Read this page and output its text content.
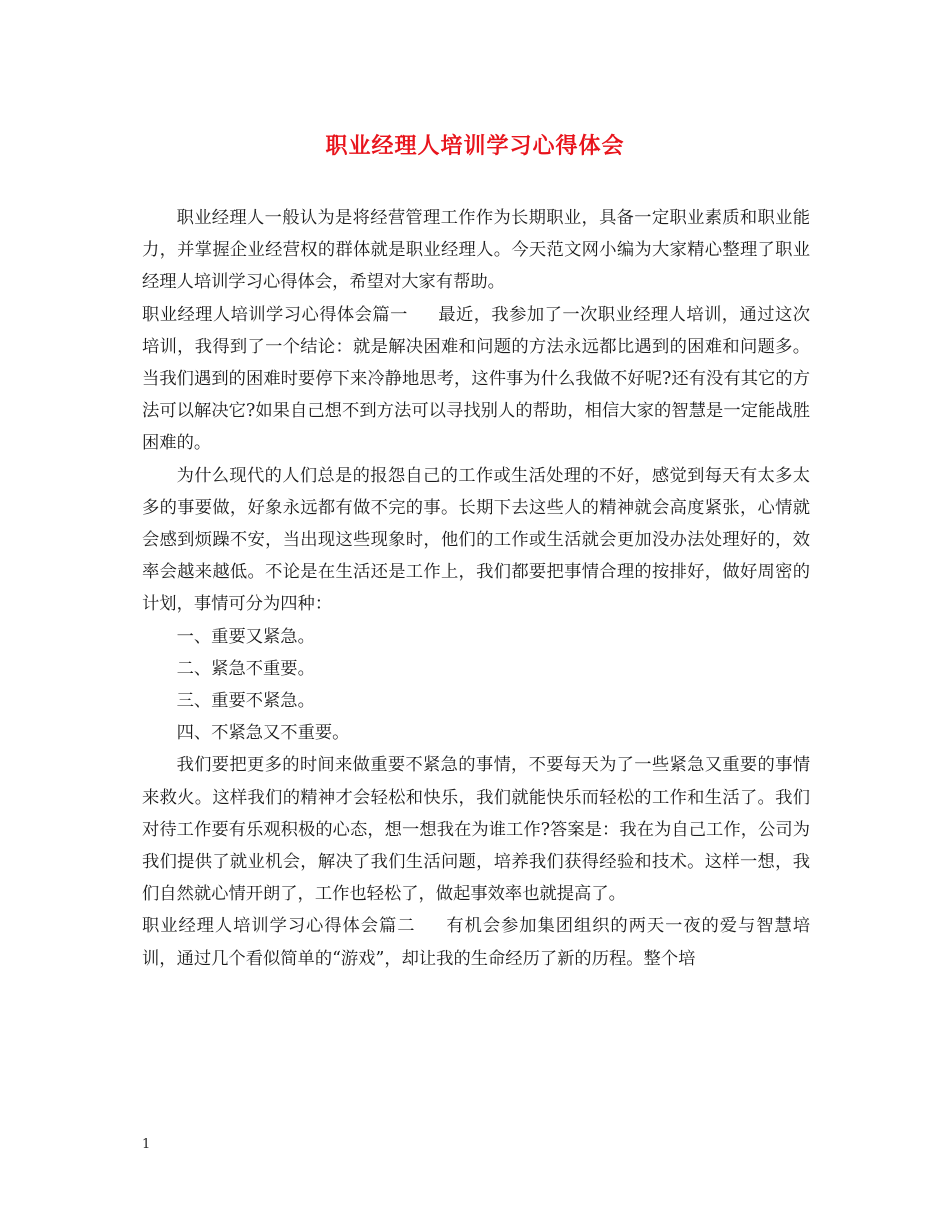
职业经理人培训学习心得体会

职业经理人一般认为是将经营管理工作作为长期职业，具备一定职业素质和职业能力，并掌握企业经营权的群体就是职业经理人。今天范文网小编为大家精心整理了职业经理人培训学习心得体会，希望对大家有帮助。

职业经理人培训学习心得体会篇一 最近，我参加了一次职业经理人培训，通过这次培训，我得到了一个结论：就是解决困难和问题的方法永远都比遇到的困难和问题多。当我们遇到的困难时要停下来冷静地思考，这件事为什么我做不好呢?还有没有其它的方法可以解决它?如果自己想不到方法可以寻找别人的帮助，相信大家的智慧是一定能战胜困难的。

为什么现代的人们总是的报怨自己的工作或生活处理的不好，感觉到每天有太多太多的事要做，好象永远都有做不完的事。长期下去这些人的精神就会高度紧张，心情就会感到烦躁不安，当出现这些现象时，他们的工作或生活就会更加没办法处理好的，效率会越来越低。不论是在生活还是工作上，我们都要把事情合理的按排好，做好周密的计划，事情可分为四种：

一、重要又紧急。

二、紧急不重要。

三、重要不紧急。

四、不紧急又不重要。

我们要把更多的时间来做重要不紧急的事情，不要每天为了一些紧急又重要的事情来救火。这样我们的精神才会轻松和快乐，我们就能快乐而轻松的工作和生活了。我们对待工作要有乐观积极的心态，想一想我在为谁工作?答案是：我在为自己工作，公司为我们提供了就业机会，解决了我们生活问题，培养我们获得经验和技术。这样一想，我们自然就心情开朗了，工作也轻松了，做起事效率也就提高了。

职业经理人培训学习心得体会篇二 有机会参加集团组织的两天一夜的爱与智慧培训，通过几个看似简单的“游戏”，却让我的生命经历了新的历程。整个培

1
